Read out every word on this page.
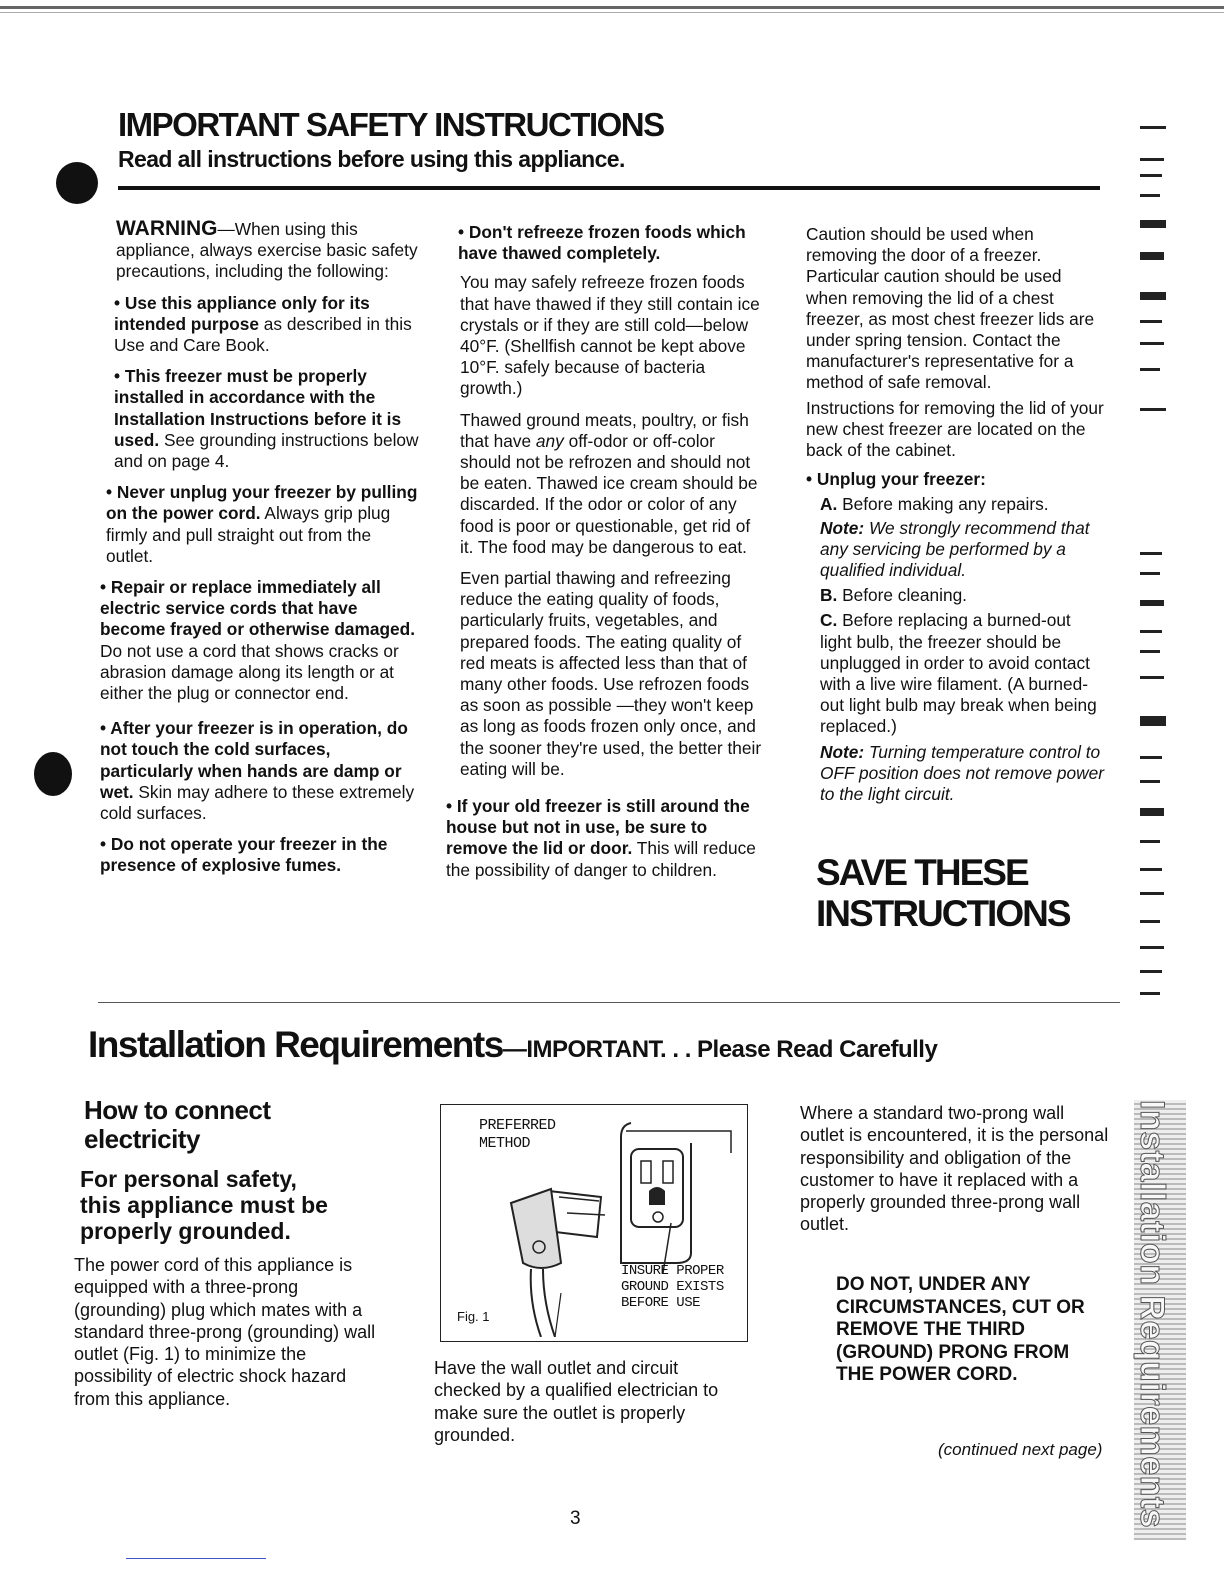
IMPORTANT SAFETY INSTRUCTIONS
Read all instructions before using this appliance.

WARNING—When using this appliance, always exercise basic safety precautions, including the following:

• Use this appliance only for its intended purpose as described in this Use and Care Book.

• This freezer must be properly installed in accordance with the Installation Instructions before it is used. See grounding instructions below and on page 4.

• Never unplug your freezer by pulling on the power cord. Always grip plug firmly and pull straight out from the outlet.

• Repair or replace immediately all electric service cords that have become frayed or otherwise damaged. Do not use a cord that shows cracks or abrasion damage along its length or at either the plug or connector end.

• After your freezer is in operation, do not touch the cold surfaces, particularly when hands are damp or wet. Skin may adhere to these extremely cold surfaces.

• Do not operate your freezer in the presence of explosive fumes.

• Don't refreeze frozen foods which have thawed completely.

You may safely refreeze frozen foods that have thawed if they still contain ice crystals or if they are still cold—below 40°F. (Shellfish cannot be kept above 10°F. safely because of bacteria growth.)

Thawed ground meats, poultry, or fish that have any off-odor or off-color should not be refrozen and should not be eaten. Thawed ice cream should be discarded. If the odor or color of any food is poor or questionable, get rid of it. The food may be dangerous to eat.

Even partial thawing and refreezing reduce the eating quality of foods, particularly fruits, vegetables, and prepared foods. The eating quality of red meats is affected less than that of many other foods. Use refrozen foods as soon as possible —they won't keep as long as foods frozen only once, and the sooner they're used, the better their eating will be.

• If your old freezer is still around the house but not in use, be sure to remove the lid or door. This will reduce the possibility of danger to children.

Caution should be used when removing the door of a freezer. Particular caution should be used when removing the lid of a chest freezer, as most chest freezer lids are under spring tension. Contact the manufacturer's representative for a method of safe removal.

Instructions for removing the lid of your new chest freezer are located on the back of the cabinet.

• Unplug your freezer:

A. Before making any repairs.

Note: We strongly recommend that any servicing be performed by a qualified individual.

B. Before cleaning.

C. Before replacing a burned-out light bulb, the freezer should be unplugged in order to avoid contact with a live wire filament. (A burned-out light bulb may break when being replaced.)

Note: Turning temperature control to OFF position does not remove power to the light circuit.

SAVE THESE
INSTRUCTIONS
Installation Requirements—IMPORTANT. . . Please Read Carefully
How to connect
electricity
For personal safety,
this appliance must be
properly grounded.
The power cord of this appliance is equipped with a three-prong (grounding) plug which mates with a standard three-prong (grounding) wall outlet (Fig. 1) to minimize the possibility of electric shock hazard from this appliance.
PREFERRED
METHOD
INSURE PROPER
GROUND EXISTS
BEFORE USE
Fig. 1
Have the wall outlet and circuit checked by a qualified electrician to make sure the outlet is properly grounded.
Where a standard two-prong wall outlet is encountered, it is the personal responsibility and obligation of the customer to have it replaced with a properly grounded three-prong wall outlet.
DO NOT, UNDER ANY CIRCUMSTANCES, CUT OR REMOVE THE THIRD (GROUND) PRONG FROM THE POWER CORD.
(continued next page) Installation Requirements
3
